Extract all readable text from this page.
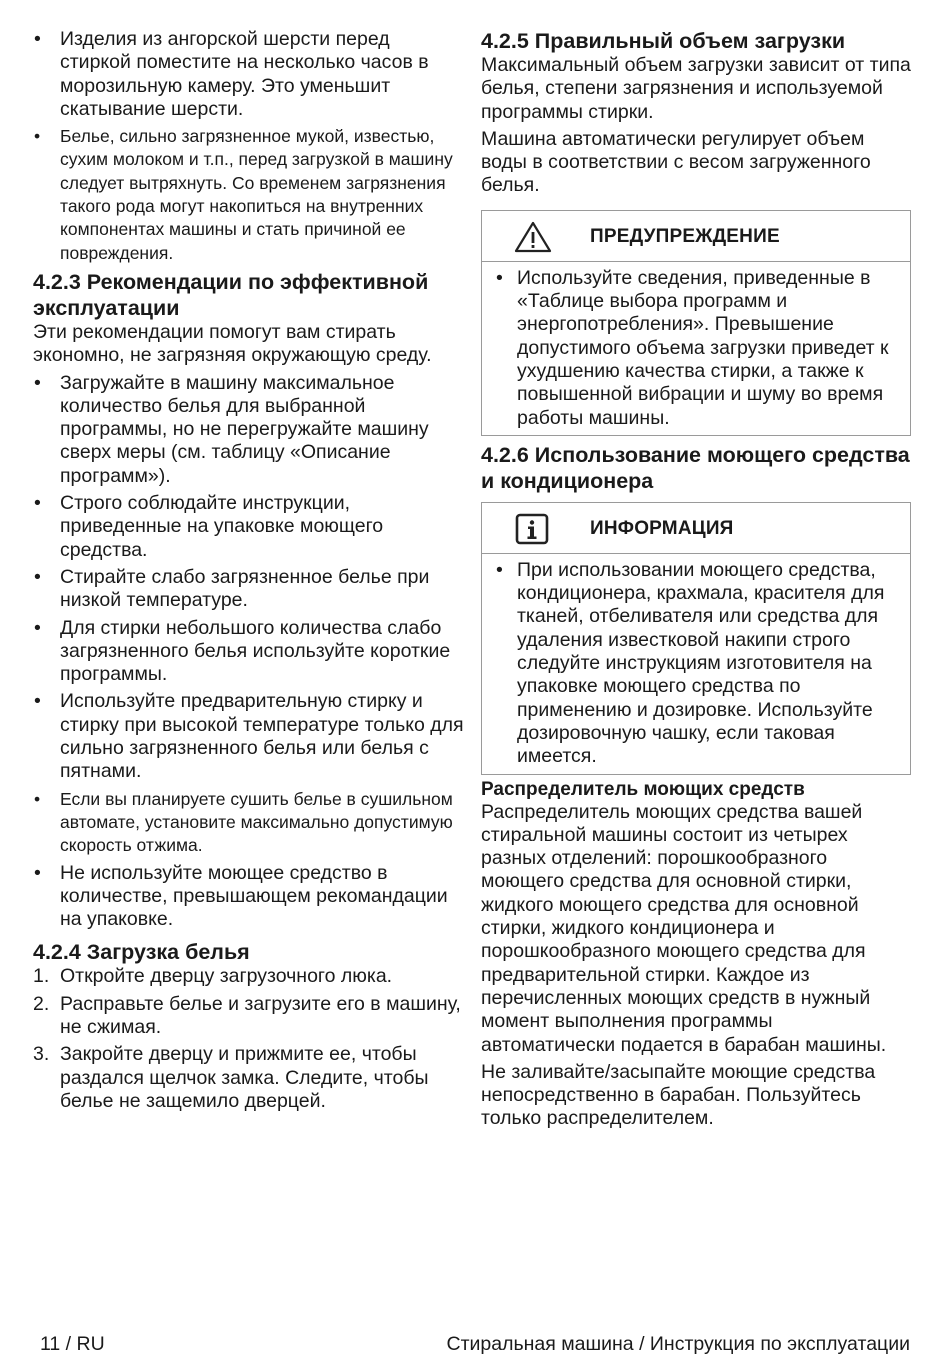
• Изделия из ангорской шерсти перед стиркой поместите на несколько часов в морозильную камеру. Это уменьшит скатывание шерсти.
• Белье, сильно загрязненное мукой, известью, сухим молоком и т.п., перед загрузкой в машину следует вытряхнуть. Со временем загрязнения такого рода могут накопиться на внутренних компонентах машины и стать причиной ее повреждения.
4.2.3 Рекомендации по эффективной эксплуатации

Эти рекомендации помогут вам стирать экономно, не загрязняя окружающую среду.

• Загружайте в машину максимальное количество белья для выбранной программы, но не перегружайте машину сверх меры (см. таблицу «Описание программ»).
• Строго соблюдайте инструкции, приведенные на упаковке моющего средства.
• Стирайте слабо загрязненное белье при низкой температуре.
• Для стирки небольшого количества слабо загрязненного белья используйте короткие программы.
• Используйте предварительную стирку и стирку при высокой температуре только для сильно загрязненного белья или белья с пятнами.
• Если вы планируете сушить белье в сушильном автомате, установите максимально допустимую скорость отжима.
• Не используйте моющее средство в количестве, превышающем рекомандации на упаковке.
4.2.4 Загрузка белья
1. Откройте дверцу загрузочного люка.
2. Расправьте белье и загрузите его в машину, не сжимая.
3. Закройте дверцу и прижмите ее, чтобы раздался щелчок замка. Следите, чтобы белье не защемило дверцей.
4.2.5 Правильный объем загрузки

Максимальный объем загрузки зависит от типа белья, степени загрязнения и используемой программы стирки.

Машина автоматически регулирует объем воды в соответствии с весом загруженного белья.

ПРЕДУПРЕЖДЕНИЕ
• Используйте сведения, приведенные в «Таблице выбора программ и энергопотребления». Превышение допустимого объема загрузки приведет к ухудшению качества стирки, а также к повышенной вибрации и шуму во время работы машины.
4.2.6 Использование моющего средства и кондиционера
ИНФОРМАЦИЯ
• При использовании моющего средства, кондиционера, крахмала, красителя для тканей, отбеливателя или средства для удаления известковой накипи строго следуйте инструкциям изготовителя на упаковке моющего средства по применению и дозировке. Используйте дозировочную чашку, если таковая имеется.
Распределитель моющих средств

Распределитель моющих средства вашей стиральной машины состоит из четырех разных отделений: порошкообразного моющего средства для основной стирки, жидкого моющего средства для основной стирки, жидкого кондиционера и порошкообразного моющего средства для предварительной стирки. Каждое из перечисленных моющих средств в нужный момент выполнения программы автоматически подается в барабан машины.

Не заливайте/засыпайте моющие средства непосредственно в барабан. Пользуйтесь только распределителем.

11 / RU	Стиральная машина / Инструкция по эксплуатации
